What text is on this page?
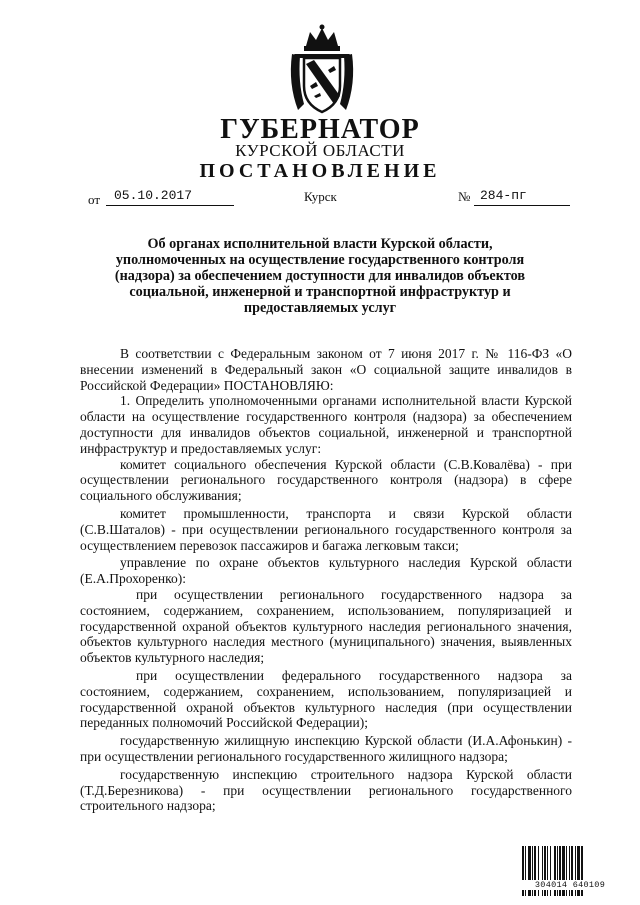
ГУБЕРНАТОР
КУРСКОЙ ОБЛАСТИ
ПОСТАНОВЛЕНИЕ
от	05.10.2017	Курск	№ 284-пг
Об органах исполнительной власти Курской области, уполномоченных на осуществление государственного контроля (надзора) за обеспечением доступности для инвалидов объектов социальной, инженерной и транспортной инфраструктур и предоставляемых услуг

В соответствии с Федеральным законом от 7 июня 2017 г. № 116-ФЗ «О внесении изменений в Федеральный закон «О социальной защите инвалидов в Российской Федерации» ПОСТАНОВЛЯЮ:

1. Определить уполномоченными органами исполнительной власти Курской области на осуществление государственного контроля (надзора) за обеспечением доступности для инвалидов объектов социальной, инженерной и транспортной инфраструктур и предоставляемых услуг:

комитет социального обеспечения Курской области (С.В.Ковалёва) - при осуществлении регионального государственного контроля (надзора) в сфере социального обслуживания;

комитет промышленности, транспорта и связи Курской области (С.В.Шаталов) - при осуществлении регионального государственного контроля за осуществлением перевозок пассажиров и багажа легковым такси;

управление по охране объектов культурного наследия Курской области (Е.А.Прохоренко):

при осуществлении регионального государственного надзора за состоянием, содержанием, сохранением, использованием, популяризацией и государственной охраной объектов культурного наследия регионального значения, объектов культурного наследия местного (муниципального) значения, выявленных объектов культурного наследия;

при осуществлении федерального государственного надзора за состоянием, содержанием, сохранением, использованием, популяризацией и государственной охраной объектов культурного наследия (при осуществлении переданных полномочий Российской Федерации);

государственную жилищную инспекцию Курской области (И.А.Афонькин) - при осуществлении регионального государственного жилищного надзора;

государственную инспекцию строительного надзора Курской области (Т.Д.Березникова) - при осуществлении регионального государственного строительного надзора;

304014 640109
